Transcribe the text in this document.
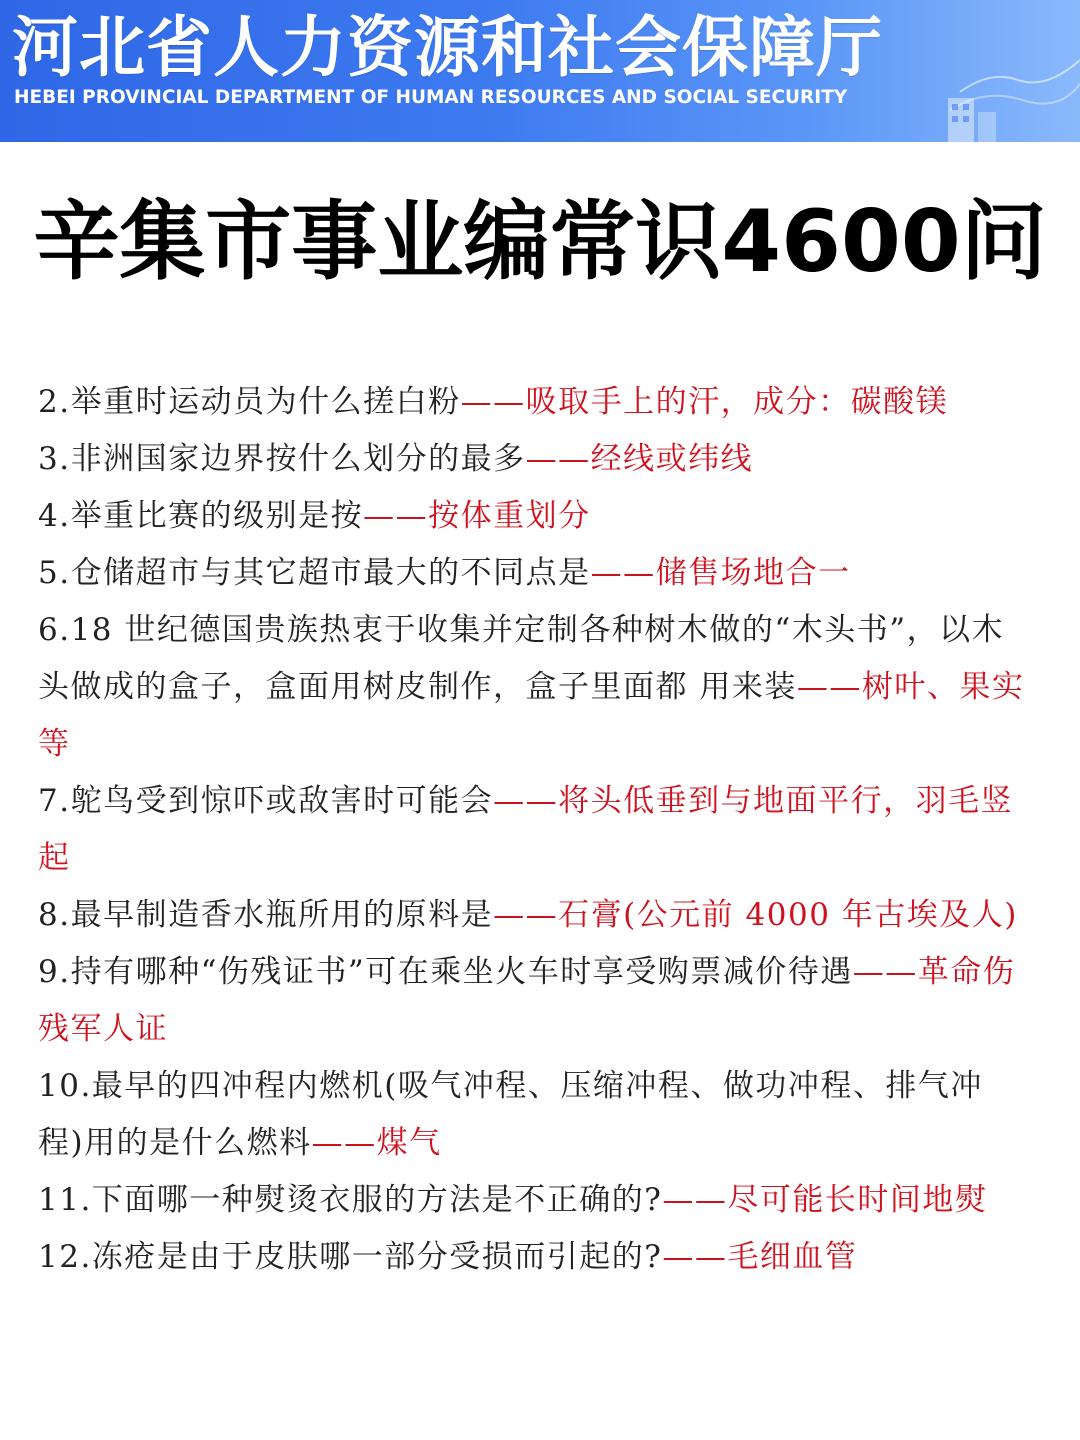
河北省人力资源和社会保障厅
HEBEI PROVINCIAL DEPARTMENT OF HUMAN RESOURCES AND SOCIAL SECURITY
辛集市事业编常识4600问
2.举重时运动员为什么搓白粉——吸取手上的汗，成分：碳酸镁
3.非洲国家边界按什么划分的最多——经线或纬线
4.举重比赛的级别是按——按体重划分
5.仓储超市与其它超市最大的不同点是——储售场地合一
6.18 世纪德国贵族热衷于收集并定制各种树木做的“木头书”，以木头做成的盒子，盒面用树皮制作，盒子里面都 用来装——树叶、果实等
7.鸵鸟受到惊吓或敌害时可能会——将头低垂到与地面平行，羽毛竖起
8.最早制造香水瓶所用的原料是——石膏(公元前 4000 年古埃及人)
9.持有哪种“伤残证书”可在乘坐火车时享受购票减价待遇——革命伤残军人证
10.最早的四冲程内燃机(吸气冲程、压缩冲程、做功冲程、排气冲程)用的是什么燃料——煤气
11.下面哪一种熨烫衣服的方法是不正确的?——尽可能长时间地熨
12.冻疮是由于皮肤哪一部分受损而引起的?——毛细血管
